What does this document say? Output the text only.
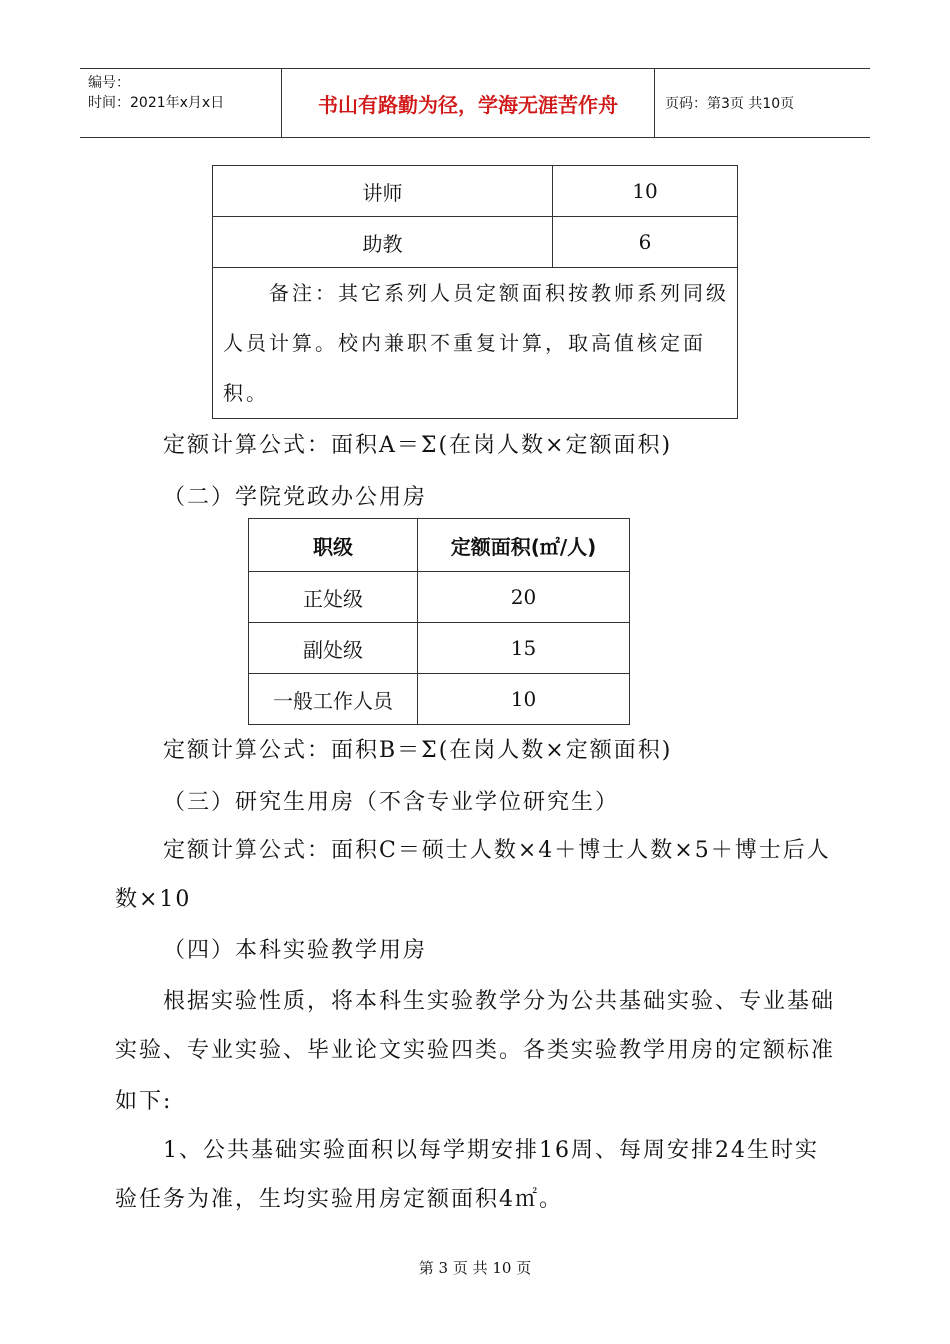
编号：
时间：2021年x月x日	书山有路勤为径，学海无涯苦作舟	页码：第3页 共10页
讲师	10
助教	6
　　备注：其它系列人员定额面积按教师系列同级人员计算。校内兼职不重复计算，取高值核定面积。	
定额计算公式：面积A＝Σ(在岗人数×定额面积)
（二）学院党政办公用房
职级	定额面积(㎡/人)
正处级	20
副处级	15
一般工作人员	10
定额计算公式：面积B＝Σ(在岗人数×定额面积)
（三）研究生用房（不含专业学位研究生）
定额计算公式：面积C＝硕士人数×4＋博士人数×5＋博士后人
数×10
（四）本科实验教学用房
根据实验性质，将本科生实验教学分为公共基础实验、专业基础
实验、专业实验、毕业论文实验四类。各类实验教学用房的定额标准
如下:
1、公共基础实验面积以每学期安排16周、每周安排24生时实
验任务为准，生均实验用房定额面积4㎡。
第 3 页 共 10 页
